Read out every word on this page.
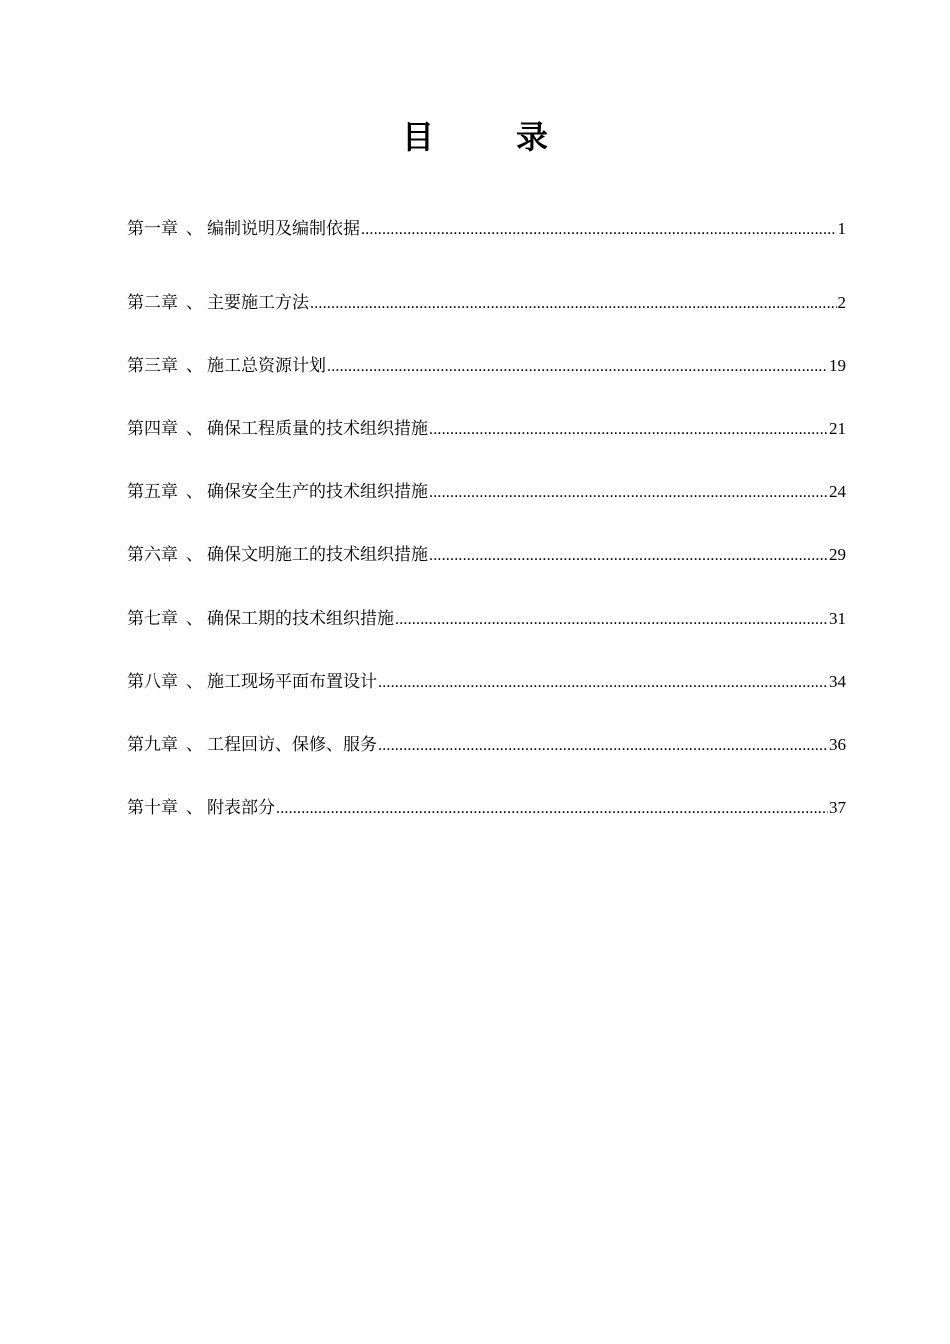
目	录
第一章 、 编制说明及编制依据 .....	1
第二章 、 主要施工方法 .....	2
第三章 、 施工总资源计划 .....	19
第四章 、 确保工程质量的技术组织措施 .....	21
第五章 、 确保安全生产的技术组织措施 .....	24
第六章 、 确保文明施工的技术组织措施 .....	29
第七章 、 确保工期的技术组织措施 .....	31
第八章 、 施工现场平面布置设计 .....	34
第九章 、 工程回访、保修、服务 .....	36
第十章 、 附表部分 .....	37
